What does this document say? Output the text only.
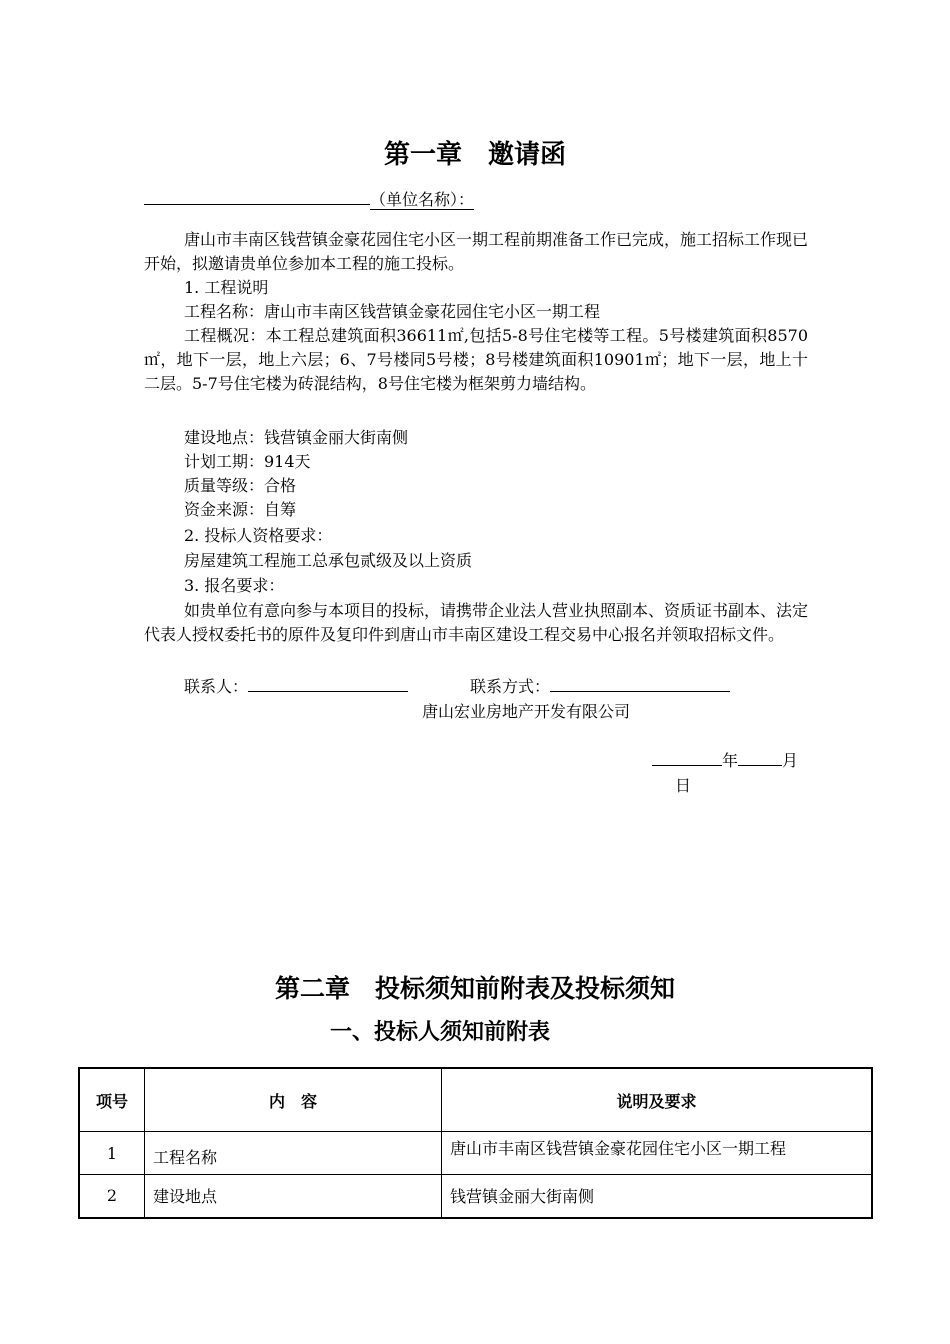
第一章　邀请函
（单位名称）：
唐山市丰南区钱营镇金豪花园住宅小区一期工程前期准备工作已完成，施工招标工作现已开始，拟邀请贵单位参加本工程的施工投标。
1. 工程说明
工程名称：唐山市丰南区钱营镇金豪花园住宅小区一期工程
工程概况：本工程总建筑面积36611㎡,包括5-8号住宅楼等工程。5号楼建筑面积8570㎡，地下一层，地上六层；6、7号楼同5号楼；8号楼建筑面积10901㎡；地下一层，地上十二层。5-7号住宅楼为砖混结构，8号住宅楼为框架剪力墙结构。
建设地点：钱营镇金丽大街南侧
计划工期：914天
质量等级：合格
资金来源：自筹
2. 投标人资格要求：
房屋建筑工程施工总承包贰级及以上资质
3. 报名要求：
如贵单位有意向参与本项目的投标，请携带企业法人营业执照副本、资质证书副本、法定代表人授权委托书的原件及复印件到唐山市丰南区建设工程交易中心报名并领取招标文件。
联系人：	联系方式：
唐山宏业房地产开发有限公司
年	月
日
第二章　投标须知前附表及投标须知
一、投标人须知前附表
项号	内　容	说明及要求
1	工程名称	唐山市丰南区钱营镇金豪花园住宅小区一期工程
2	建设地点	钱营镇金丽大街南侧
